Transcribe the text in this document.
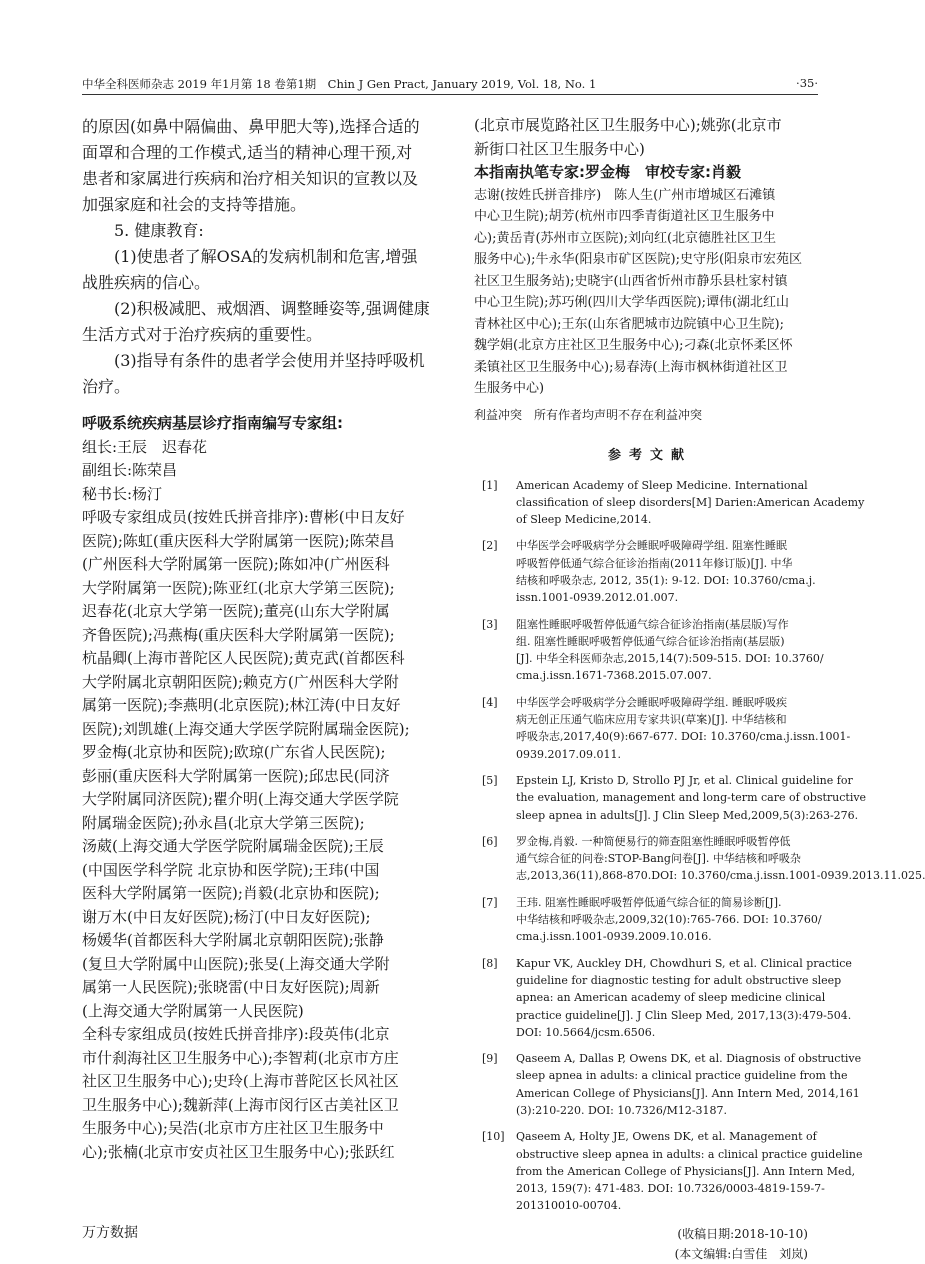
中华全科医师杂志 2019 年1月第 18 卷第1期　Chin J Gen Pract, January 2019, Vol. 18, No. 1	·35·
的原因(如鼻中隔偏曲、鼻甲肥大等),选择合适的
面罩和合理的工作模式,适当的精神心理干预,对
患者和家属进行疾病和治疗相关知识的宣教以及
加强家庭和社会的支持等措施。
5. 健康教育:
(1)使患者了解OSA的发病机制和危害,增强
战胜疾病的信心。
(2)积极减肥、戒烟酒、调整睡姿等,强调健康
生活方式对于治疗疾病的重要性。
(3)指导有条件的患者学会使用并坚持呼吸机
治疗。
呼吸系统疾病基层诊疗指南编写专家组:
组长:王辰　迟春花
副组长:陈荣昌
秘书长:杨汀
呼吸专家组成员(按姓氏拼音排序):曹彬(中日友好
医院);陈虹(重庆医科大学附属第一医院);陈荣昌
(广州医科大学附属第一医院);陈如冲(广州医科
大学附属第一医院);陈亚红(北京大学第三医院);
迟春花(北京大学第一医院);董亮(山东大学附属
齐鲁医院);冯燕梅(重庆医科大学附属第一医院);
杭晶卿(上海市普陀区人民医院);黄克武(首都医科
大学附属北京朝阳医院);赖克方(广州医科大学附
属第一医院);李燕明(北京医院);林江涛(中日友好
医院);刘凯雄(上海交通大学医学院附属瑞金医院);
罗金梅(北京协和医院);欧琼(广东省人民医院);
彭丽(重庆医科大学附属第一医院);邱忠民(同济
大学附属同济医院);瞿介明(上海交通大学医学院
附属瑞金医院);孙永昌(北京大学第三医院);
汤葳(上海交通大学医学院附属瑞金医院);王辰
(中国医学科学院 北京协和医学院);王玮(中国
医科大学附属第一医院);肖毅(北京协和医院);
谢万木(中日友好医院);杨汀(中日友好医院);
杨媛华(首都医科大学附属北京朝阳医院);张静
(复旦大学附属中山医院);张旻(上海交通大学附
属第一人民医院);张晓雷(中日友好医院);周新
(上海交通大学附属第一人民医院)
全科专家组成员(按姓氏拼音排序):段英伟(北京
市什刹海社区卫生服务中心);李智莉(北京市方庄
社区卫生服务中心);史玲(上海市普陀区长风社区
卫生服务中心);魏新萍(上海市闵行区古美社区卫
生服务中心);吴浩(北京市方庄社区卫生服务中
心);张楠(北京市安贞社区卫生服务中心);张跃红
(北京市展览路社区卫生服务中心);姚弥(北京市
新街口社区卫生服务中心)
本指南执笔专家:罗金梅　审校专家:肖毅
志谢(按姓氏拼音排序)　陈人生(广州市增城区石滩镇
中心卫生院);胡芳(杭州市四季青街道社区卫生服务中
心);黄岳青(苏州市立医院);刘向红(北京德胜社区卫生
服务中心);牛永华(阳泉市矿区医院);史守彤(阳泉市宏苑区
社区卫生服务站);史晓宇(山西省忻州市静乐县杜家村镇
中心卫生院);苏巧俐(四川大学华西医院);谭伟(湖北红山
青林社区中心);王东(山东省肥城市边院镇中心卫生院);
魏学娟(北京方庄社区卫生服务中心);刁森(北京怀柔区怀
柔镇社区卫生服务中心);易春涛(上海市枫林街道社区卫
生服务中心)
利益冲突　所有作者均声明不存在利益冲突
参考文献
[1] American Academy of Sleep Medicine. International
classification of sleep disorders[M] Darien:American Academy
of Sleep Medicine,2014.
[2] 中华医学会呼吸病学分会睡眠呼吸障碍学组. 阻塞性睡眠
呼吸暂停低通气综合征诊治指南(2011年修订版)[J]. 中华
结核和呼吸杂志, 2012, 35(1): 9-12. DOI: 10.3760/cma.j.
issn.1001-0939.2012.01.007.
[3] 阻塞性睡眠呼吸暂停低通气综合征诊治指南(基层版)写作
组. 阻塞性睡眠呼吸暂停低通气综合征诊治指南(基层版)
[J]. 中华全科医师杂志,2015,14(7):509-515. DOI: 10.3760/
cma.j.issn.1671-7368.2015.07.007.
[4] 中华医学会呼吸病学分会睡眠呼吸障碍学组. 睡眠呼吸疾
病无创正压通气临床应用专家共识(草案)[J]. 中华结核和
呼吸杂志,2017,40(9):667-677. DOI: 10.3760/cma.j.issn.1001-
0939.2017.09.011.
[5] Epstein LJ, Kristo D, Strollo PJ Jr, et al. Clinical guideline for
the evaluation, management and long-term care of obstructive
sleep apnea in adults[J]. J Clin Sleep Med,2009,5(3):263-276.
[6] 罗金梅,肖毅. 一种简便易行的筛查阻塞性睡眠呼吸暂停低
通气综合征的问卷:STOP-Bang问卷[J]. 中华结核和呼吸杂
志,2013,36(11),868-870.DOI: 10.3760/cma.j.issn.1001-0939.2013.11.025.
[7] 王玮. 阻塞性睡眠呼吸暂停低通气综合征的简易诊断[J].
中华结核和呼吸杂志,2009,32(10):765-766. DOI: 10.3760/
cma.j.issn.1001-0939.2009.10.016.
[8] Kapur VK, Auckley DH, Chowdhuri S, et al. Clinical practice
guideline for diagnostic testing for adult obstructive sleep
apnea: an American academy of sleep medicine clinical
practice guideline[J]. J Clin Sleep Med, 2017,13(3):479-504.
DOI: 10.5664/jcsm.6506.
[9] Qaseem A, Dallas P, Owens DK, et al. Diagnosis of obstructive
sleep apnea in adults: a clinical practice guideline from the
American College of Physicians[J]. Ann Intern Med, 2014,161
(3):210-220. DOI: 10.7326/M12-3187.
[10] Qaseem A, Holty JE, Owens DK, et al. Management of
obstructive sleep apnea in adults: a clinical practice guideline
from the American College of Physicians[J]. Ann Intern Med,
2013, 159(7): 471-483. DOI: 10.7326/0003-4819-159-7-
201310010-00704.
(收稿日期:2018-10-10)
(本文编辑:白雪佳　刘岚)
万方数据
